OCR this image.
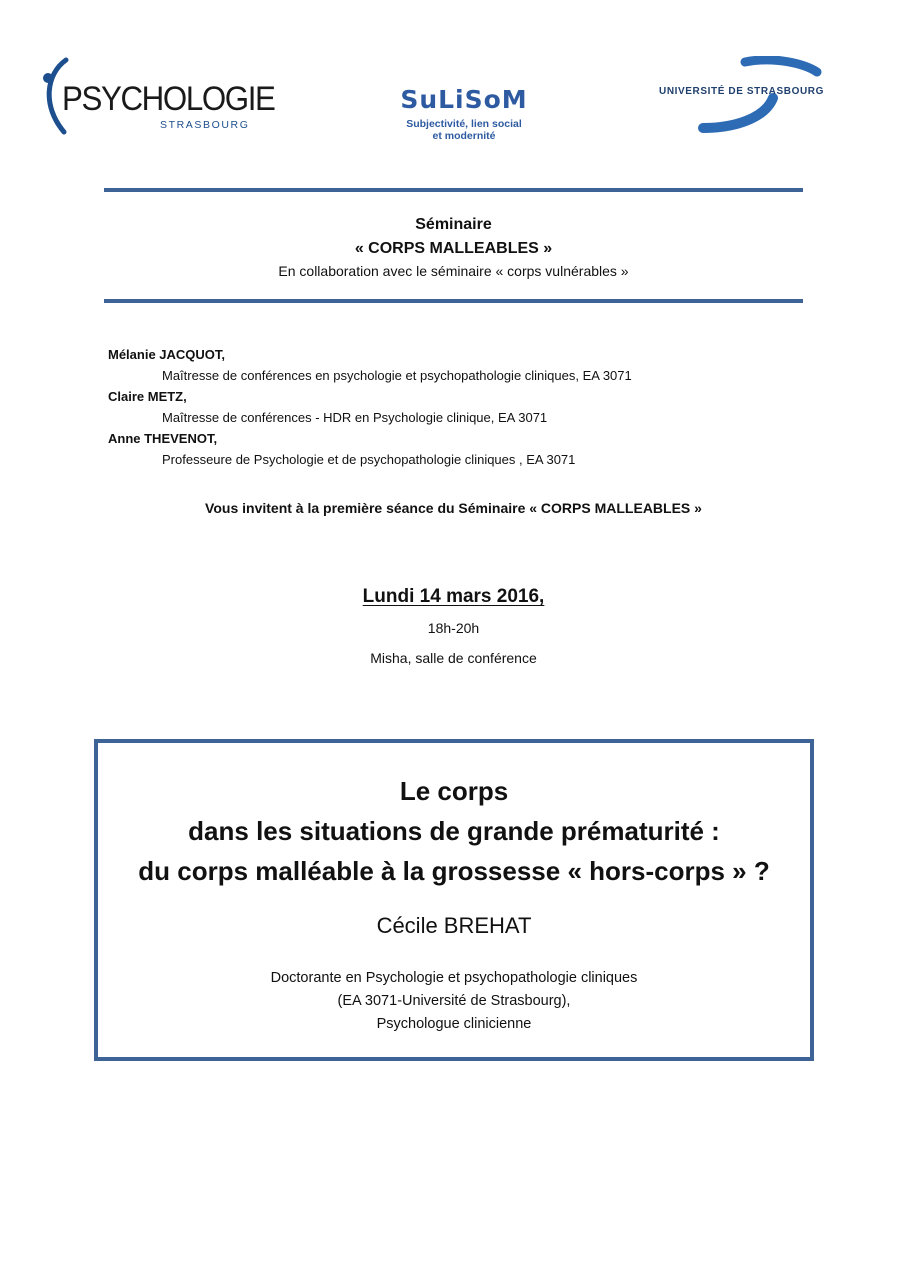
PSYCHOLOGIE
STRASBOURG
SuLiSoM
Subjectivité, lien social
et modernité
UNIVERSITÉ DE STRASBOURG
Séminaire
« CORPS MALLEABLES »
En collaboration avec le séminaire « corps vulnérables »
Mélanie JACQUOT,
Maîtresse de conférences en psychologie et psychopathologie cliniques, EA 3071
Claire METZ,
Maîtresse de conférences - HDR en Psychologie clinique, EA 3071
Anne THEVENOT,
Professeure de Psychologie et de psychopathologie cliniques , EA 3071
Vous invitent à la première séance du Séminaire « CORPS MALLEABLES »
Lundi 14 mars 2016,
18h-20h
Misha, salle de conférence
Le corps
dans les situations de grande prématurité :
du corps malléable à la grossesse « hors-corps » ?
Cécile BREHAT
Doctorante en Psychologie et psychopathologie cliniques
(EA 3071-Université de Strasbourg),
Psychologue clinicienne
